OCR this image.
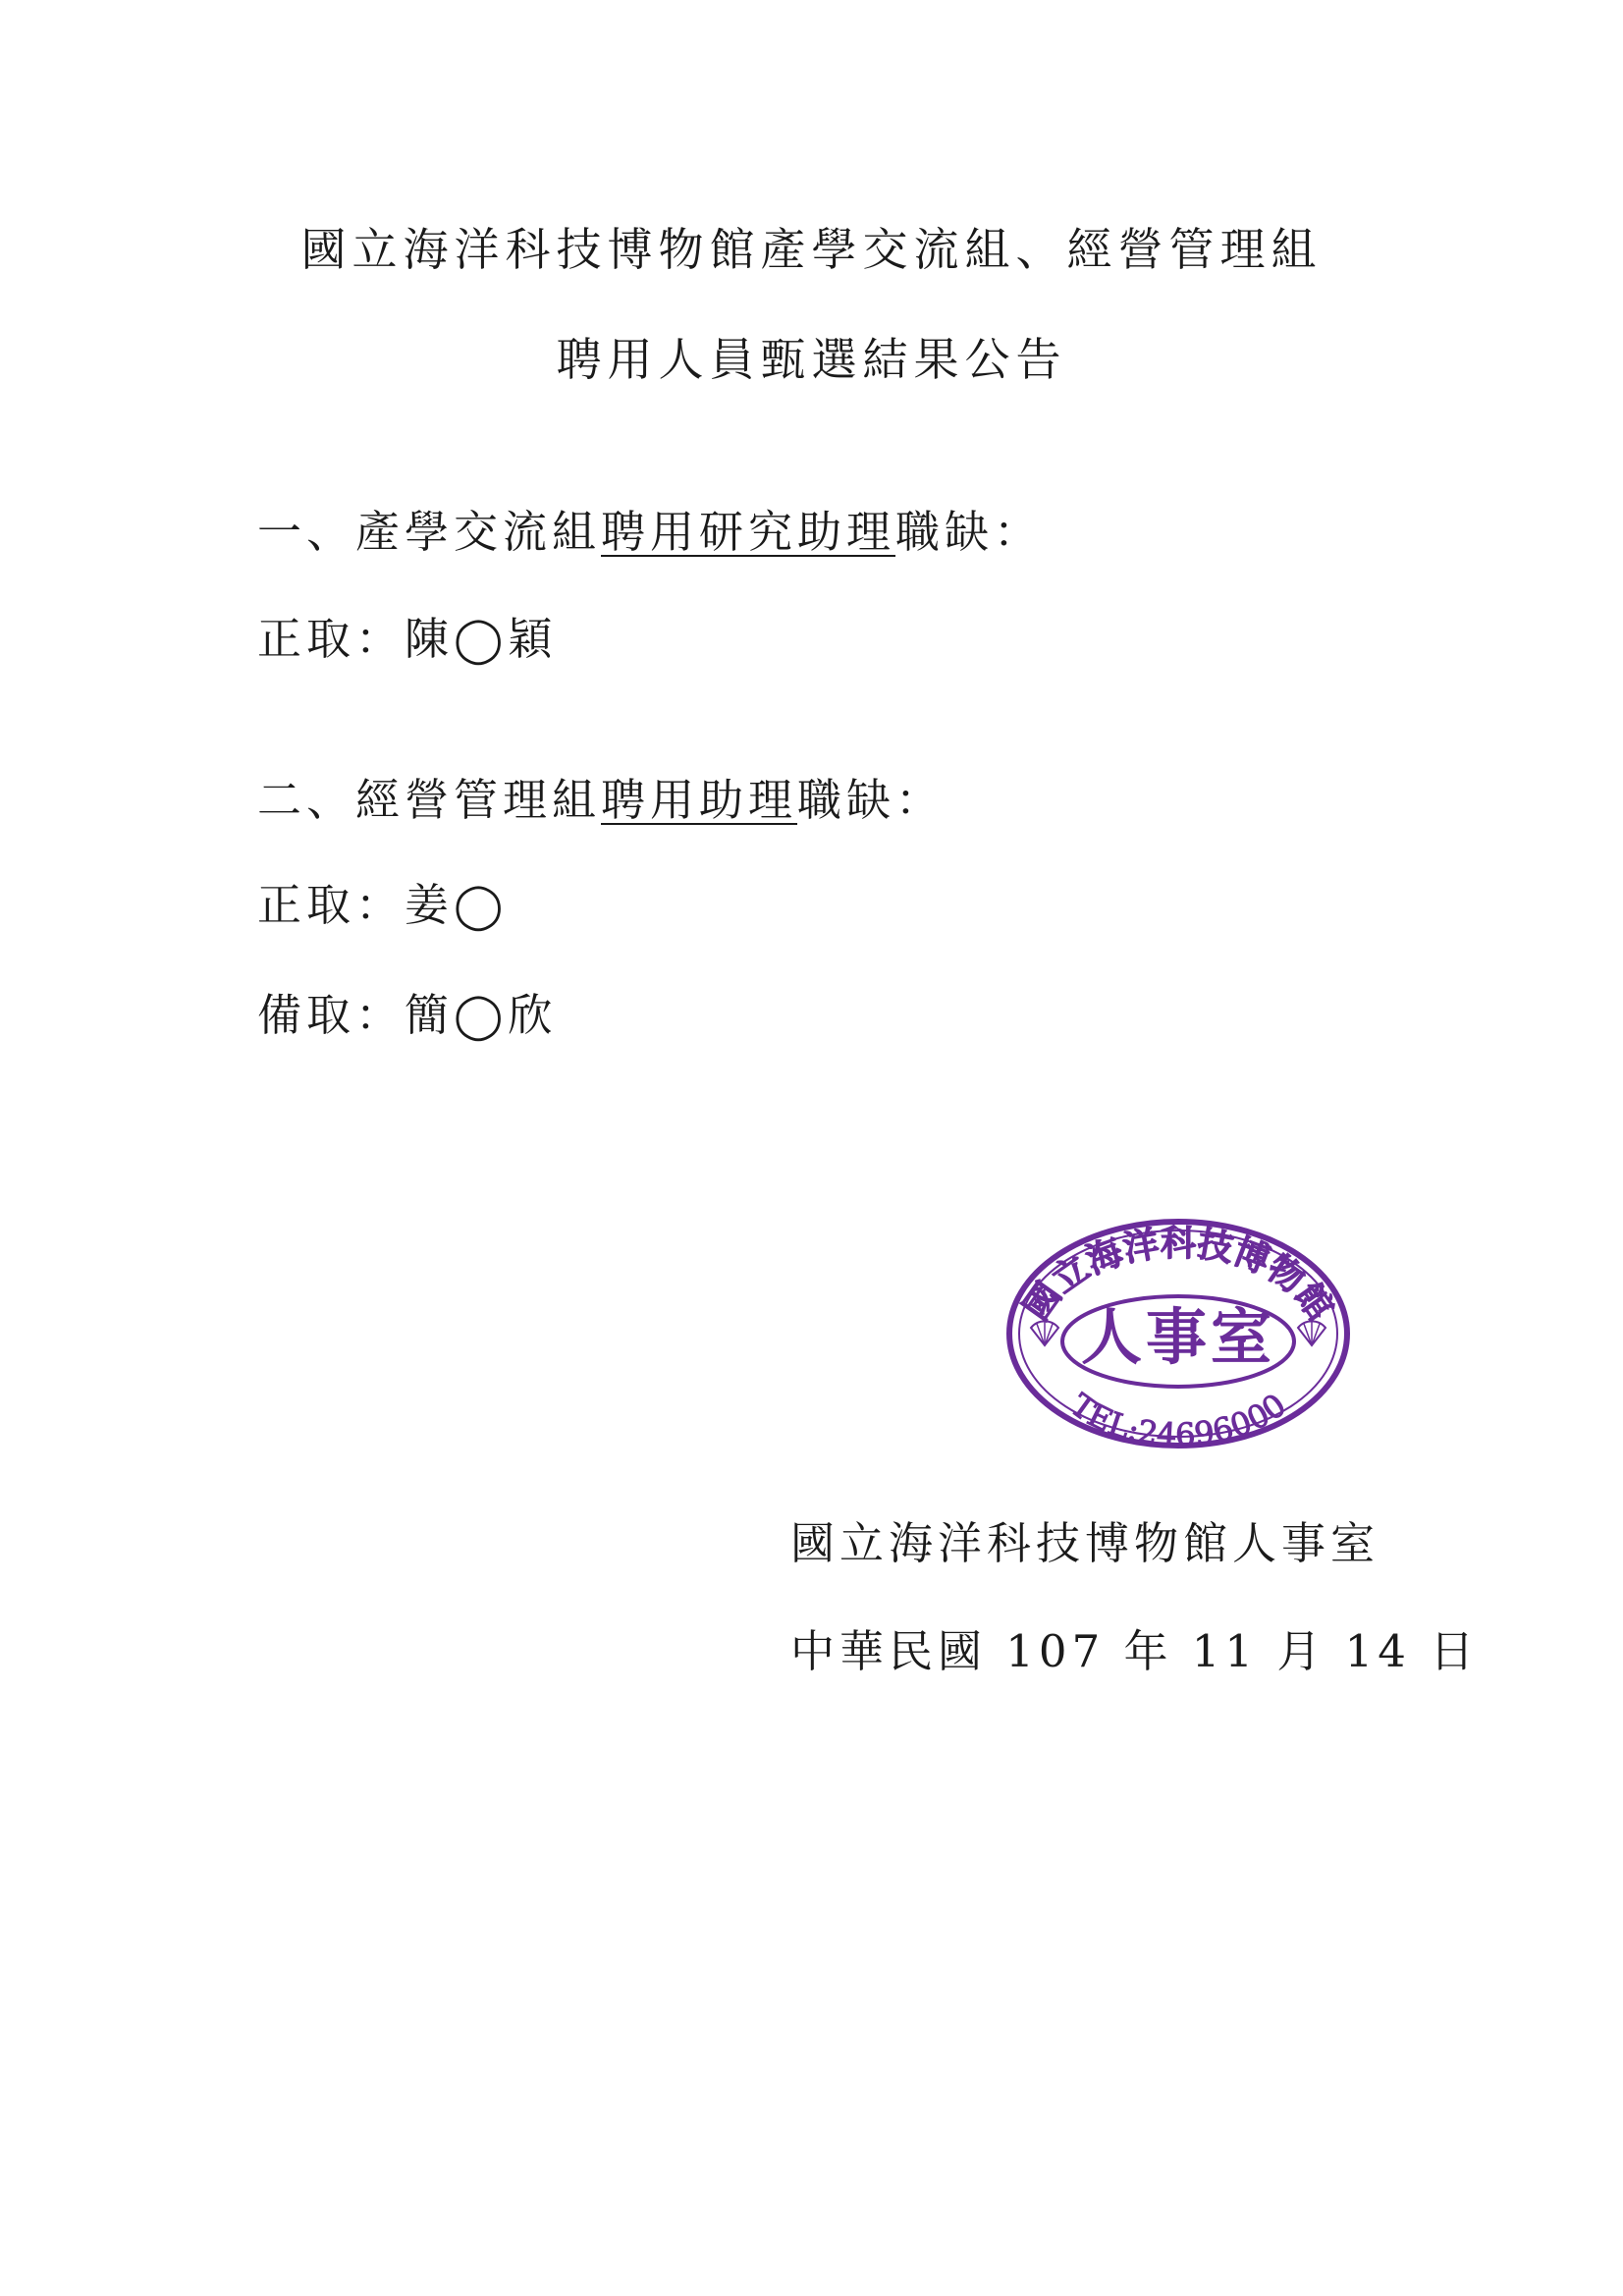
國立海洋科技博物館產學交流組、經營管理組
聘用人員甄選結果公告
一、產學交流組聘用研究助理職缺：
正取：陳◯穎
二、經營管理組聘用助理職缺：
正取：姜◯
備取：簡◯欣
國立海洋科技博物館
人事室
TEL:24696000
國立海洋科技博物館人事室
中華民國 107 年 11 月 14 日
